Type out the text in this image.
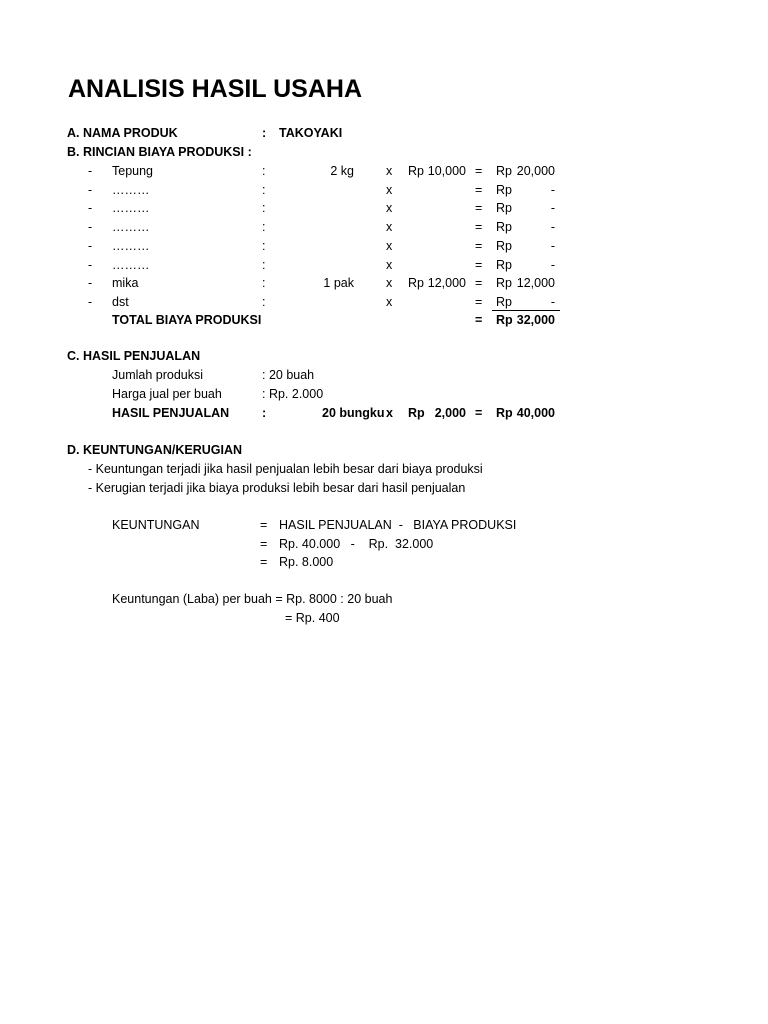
ANALISIS HASIL USAHA
A. NAMA PRODUK	: TAKOYAKI
B. RINCIAN BIAYA PRODUKSI :
- Tepung	:	2 kg	x Rp 10,000 = Rp 20,000
- ………	:	x	= Rp	-
- ………	:	x	= Rp	-
- ………	:	x	= Rp	-
- ………	:	x	= Rp	-
- ………	:	x	= Rp	-
- mika	:	1 pak	x Rp 12,000 = Rp 12,000
- dst	:	x	= Rp	-
TOTAL BIAYA PRODUKSI	= Rp 32,000
C. HASIL PENJUALAN
Jumlah produksi	: 20 buah
Harga jual per buah	: Rp. 2.000
HASIL PENJUALAN	:	20 bungku x Rp 2,000 = Rp 40,000
D. KEUNTUNGAN/KERUGIAN
- Keuntungan terjadi jika hasil penjualan lebih besar dari biaya produksi
- Kerugian terjadi jika biaya produksi lebih besar dari hasil penjualan
KEUNTUNGAN	= HASIL PENJUALAN  -   BIAYA PRODUKSI
= Rp. 40.000   -    Rp.  32.000
= Rp. 8.000
Keuntungan (Laba) per buah = Rp. 8000 : 20 buah
= Rp. 400
